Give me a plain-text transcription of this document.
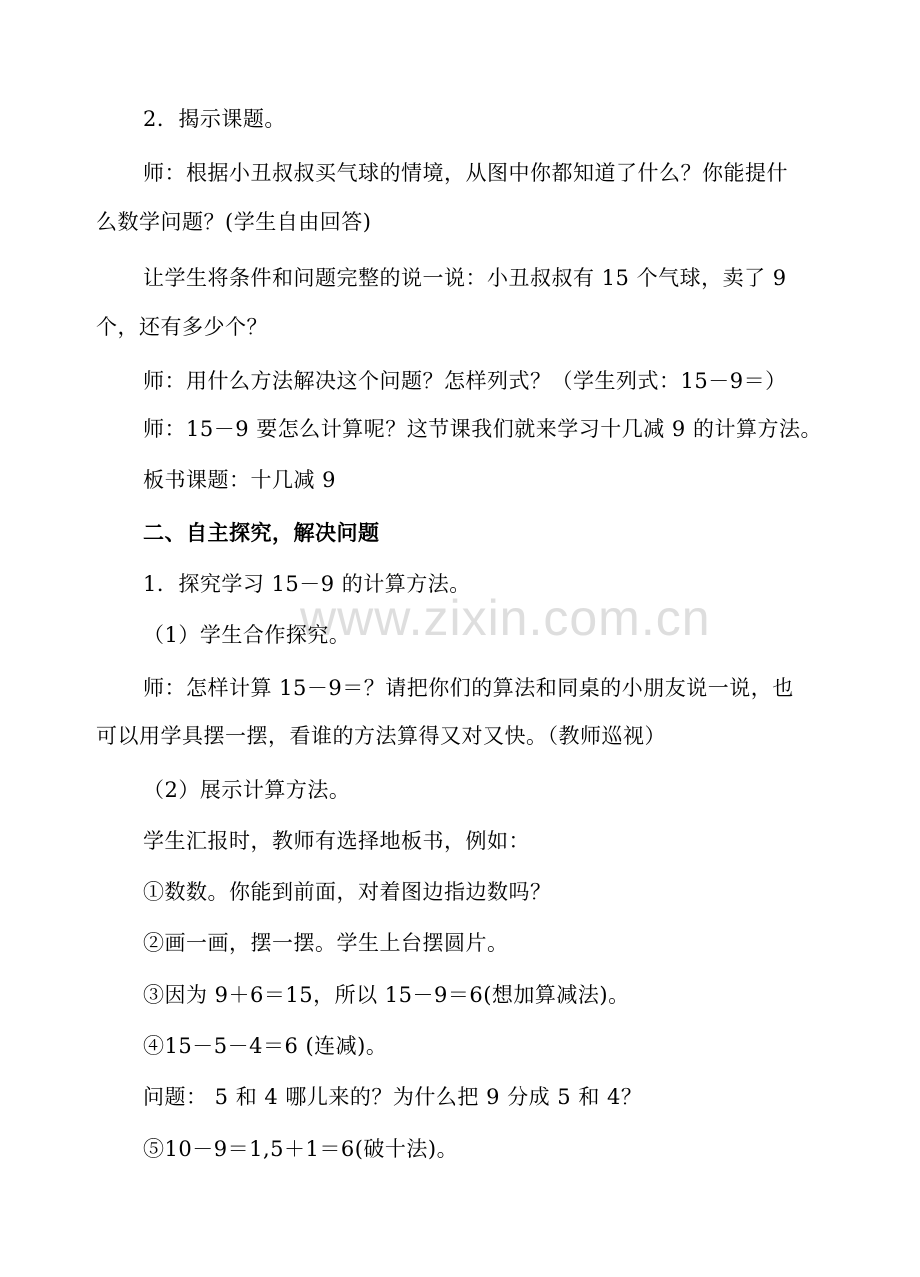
www.zixin.com.cn
2．揭示课题。
师：根据小丑叔叔买气球的情境，从图中你都知道了什么？你能提什
么数学问题？(学生自由回答)
让学生将条件和问题完整的说一说：小丑叔叔有 15 个气球，卖了 9
个，还有多少个？
师：用什么方法解决这个问题？怎样列式？（学生列式：15－9＝）
师：15－9 要怎么计算呢？这节课我们就来学习十几减 9 的计算方法。
板书课题：十几减 9
二、自主探究，解决问题
1．探究学习 15－9 的计算方法。
（1）学生合作探究。
师：怎样计算 15－9＝？请把你们的算法和同桌的小朋友说一说，也
可以用学具摆一摆，看谁的方法算得又对又快。（教师巡视）
（2）展示计算方法。
学生汇报时，教师有选择地板书，例如：
①数数。你能到前面，对着图边指边数吗？
②画一画，摆一摆。学生上台摆圆片。
③因为 9＋6＝15，所以 15－9＝6(想加算减法)。
④15－5－4＝6 (连减)。
问题： 5 和 4 哪儿来的？为什么把 9 分成 5 和 4？
⑤10－9＝1,5＋1＝6(破十法)。
